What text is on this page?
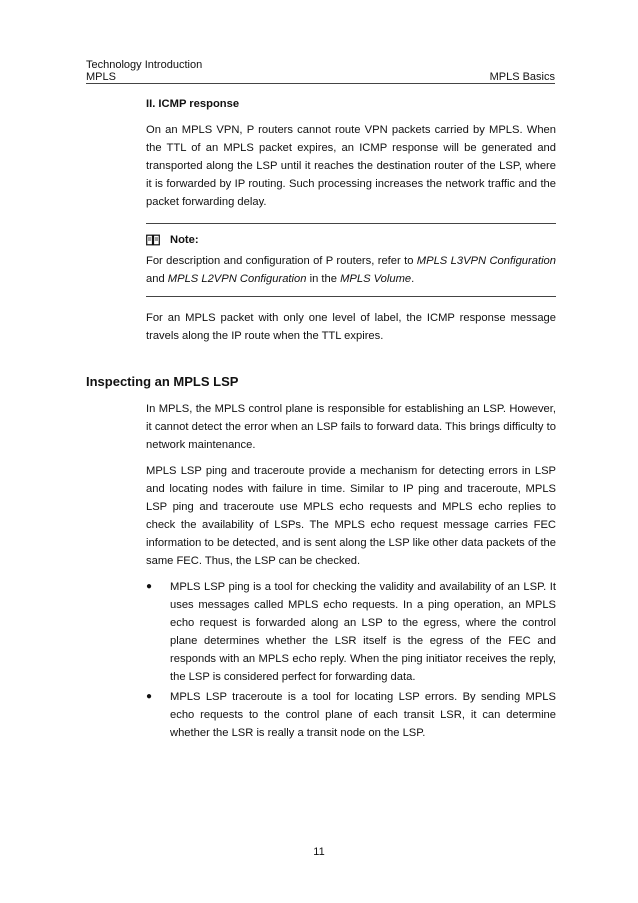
Technology Introduction
MPLS	MPLS Basics
II. ICMP response

On an MPLS VPN, P routers cannot route VPN packets carried by MPLS. When the TTL of an MPLS packet expires, an ICMP response will be generated and transported along the LSP until it reaches the destination router of the LSP, where it is forwarded by IP routing. Such processing increases the network traffic and the packet forwarding delay.

Note:

For description and configuration of P routers, refer to MPLS L3VPN Configuration and MPLS L2VPN Configuration in the MPLS Volume.

For an MPLS packet with only one level of label, the ICMP response message travels along the IP route when the TTL expires.

Inspecting an MPLS LSP

In MPLS, the MPLS control plane is responsible for establishing an LSP. However, it cannot detect the error when an LSP fails to forward data. This brings difficulty to network maintenance.

MPLS LSP ping and traceroute provide a mechanism for detecting errors in LSP and locating nodes with failure in time. Similar to IP ping and traceroute, MPLS LSP ping and traceroute use MPLS echo requests and MPLS echo replies to check the availability of LSPs. The MPLS echo request message carries FEC information to be detected, and is sent along the LSP like other data packets of the same FEC. Thus, the LSP can be checked.

●	MPLS LSP ping is a tool for checking the validity and availability of an LSP. It uses messages called MPLS echo requests. In a ping operation, an MPLS echo request is forwarded along an LSP to the egress, where the control plane determines whether the LSR itself is the egress of the FEC and responds with an MPLS echo reply. When the ping initiator receives the reply, the LSP is considered perfect for forwarding data.
●	MPLS LSP traceroute is a tool for locating LSP errors. By sending MPLS echo requests to the control plane of each transit LSR, it can determine whether the LSR is really a transit node on the LSP.
11
